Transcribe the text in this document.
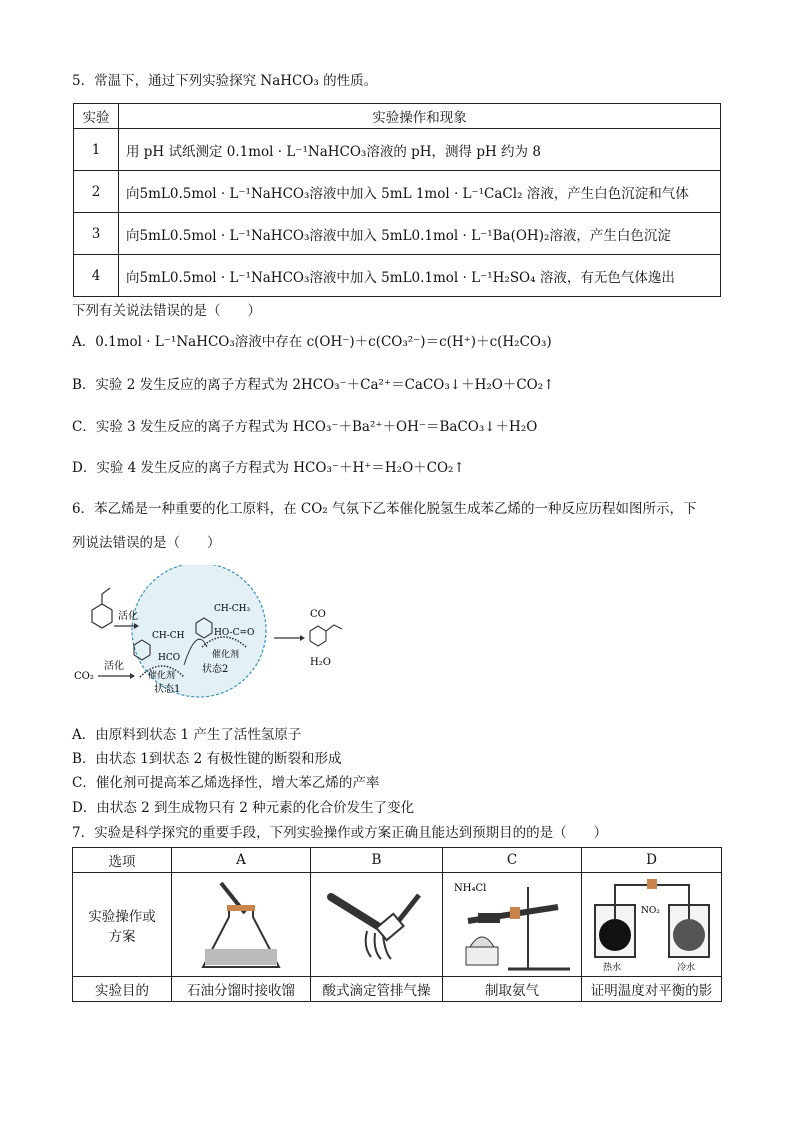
5．常温下，通过下列实验探究 NaHCO₃ 的性质。
实验	实验操作和现象
1	用 pH 试纸测定 0.1mol · L⁻¹NaHCO₃溶液的 pH，测得 pH 约为 8
2	向5mL0.5mol · L⁻¹NaHCO₃溶液中加入 5mL 1mol · L⁻¹CaCl₂ 溶液，产生白色沉淀和气体
3	向5mL0.5mol · L⁻¹NaHCO₃溶液中加入 5mL0.1mol · L⁻¹Ba(OH)₂溶液，产生白色沉淀
4	向5mL0.5mol · L⁻¹NaHCO₃溶液中加入 5mL0.1mol · L⁻¹H₂SO₄ 溶液，有无色气体逸出
下列有关说法错误的是（　　）
A．0.1mol · L⁻¹NaHCO₃溶液中存在 c(OH⁻)＋c(CO₃²⁻)＝c(H⁺)＋c(H₂CO₃)
B．实验 2 发生反应的离子方程式为 2HCO₃⁻＋Ca²⁺＝CaCO₃↓＋H₂O＋CO₂↑
C．实验 3 发生反应的离子方程式为 HCO₃⁻＋Ba²⁺＋OH⁻＝BaCO₃↓＋H₂O
D．实验 4 发生反应的离子方程式为 HCO₃⁻＋H⁺＝H₂O＋CO₂↑
6．苯乙烯是一种重要的化工原料，在 CO₂ 气氛下乙苯催化脱氢生成苯乙烯的一种反应历程如图所示，下
列说法错误的是（　　）
活化
CO₂
活化
CH-CH
CH-CH₃
HCO
HO-C=O
催化剂
催化剂
状态1
状态2
CO
H₂O
A．由原料到状态 1 产生了活性氢原子
B．由状态 1到状态 2 有极性键的断裂和形成
C．催化剂可提高苯乙烯选择性，增大苯乙烯的产率
D．由状态 2 到生成物只有 2 种元素的化合价发生了变化
7．实验是科学探究的重要手段，下列实验操作或方案正确且能达到预期目的的是（　　）
选项	A	B	C	D
实验操作或方案			NH₄Cl	NO₂
热水 冷水

实验目的	石油分馏时接收馏	酸式滴定管排气操	制取氨气	证明温度对平衡的影
